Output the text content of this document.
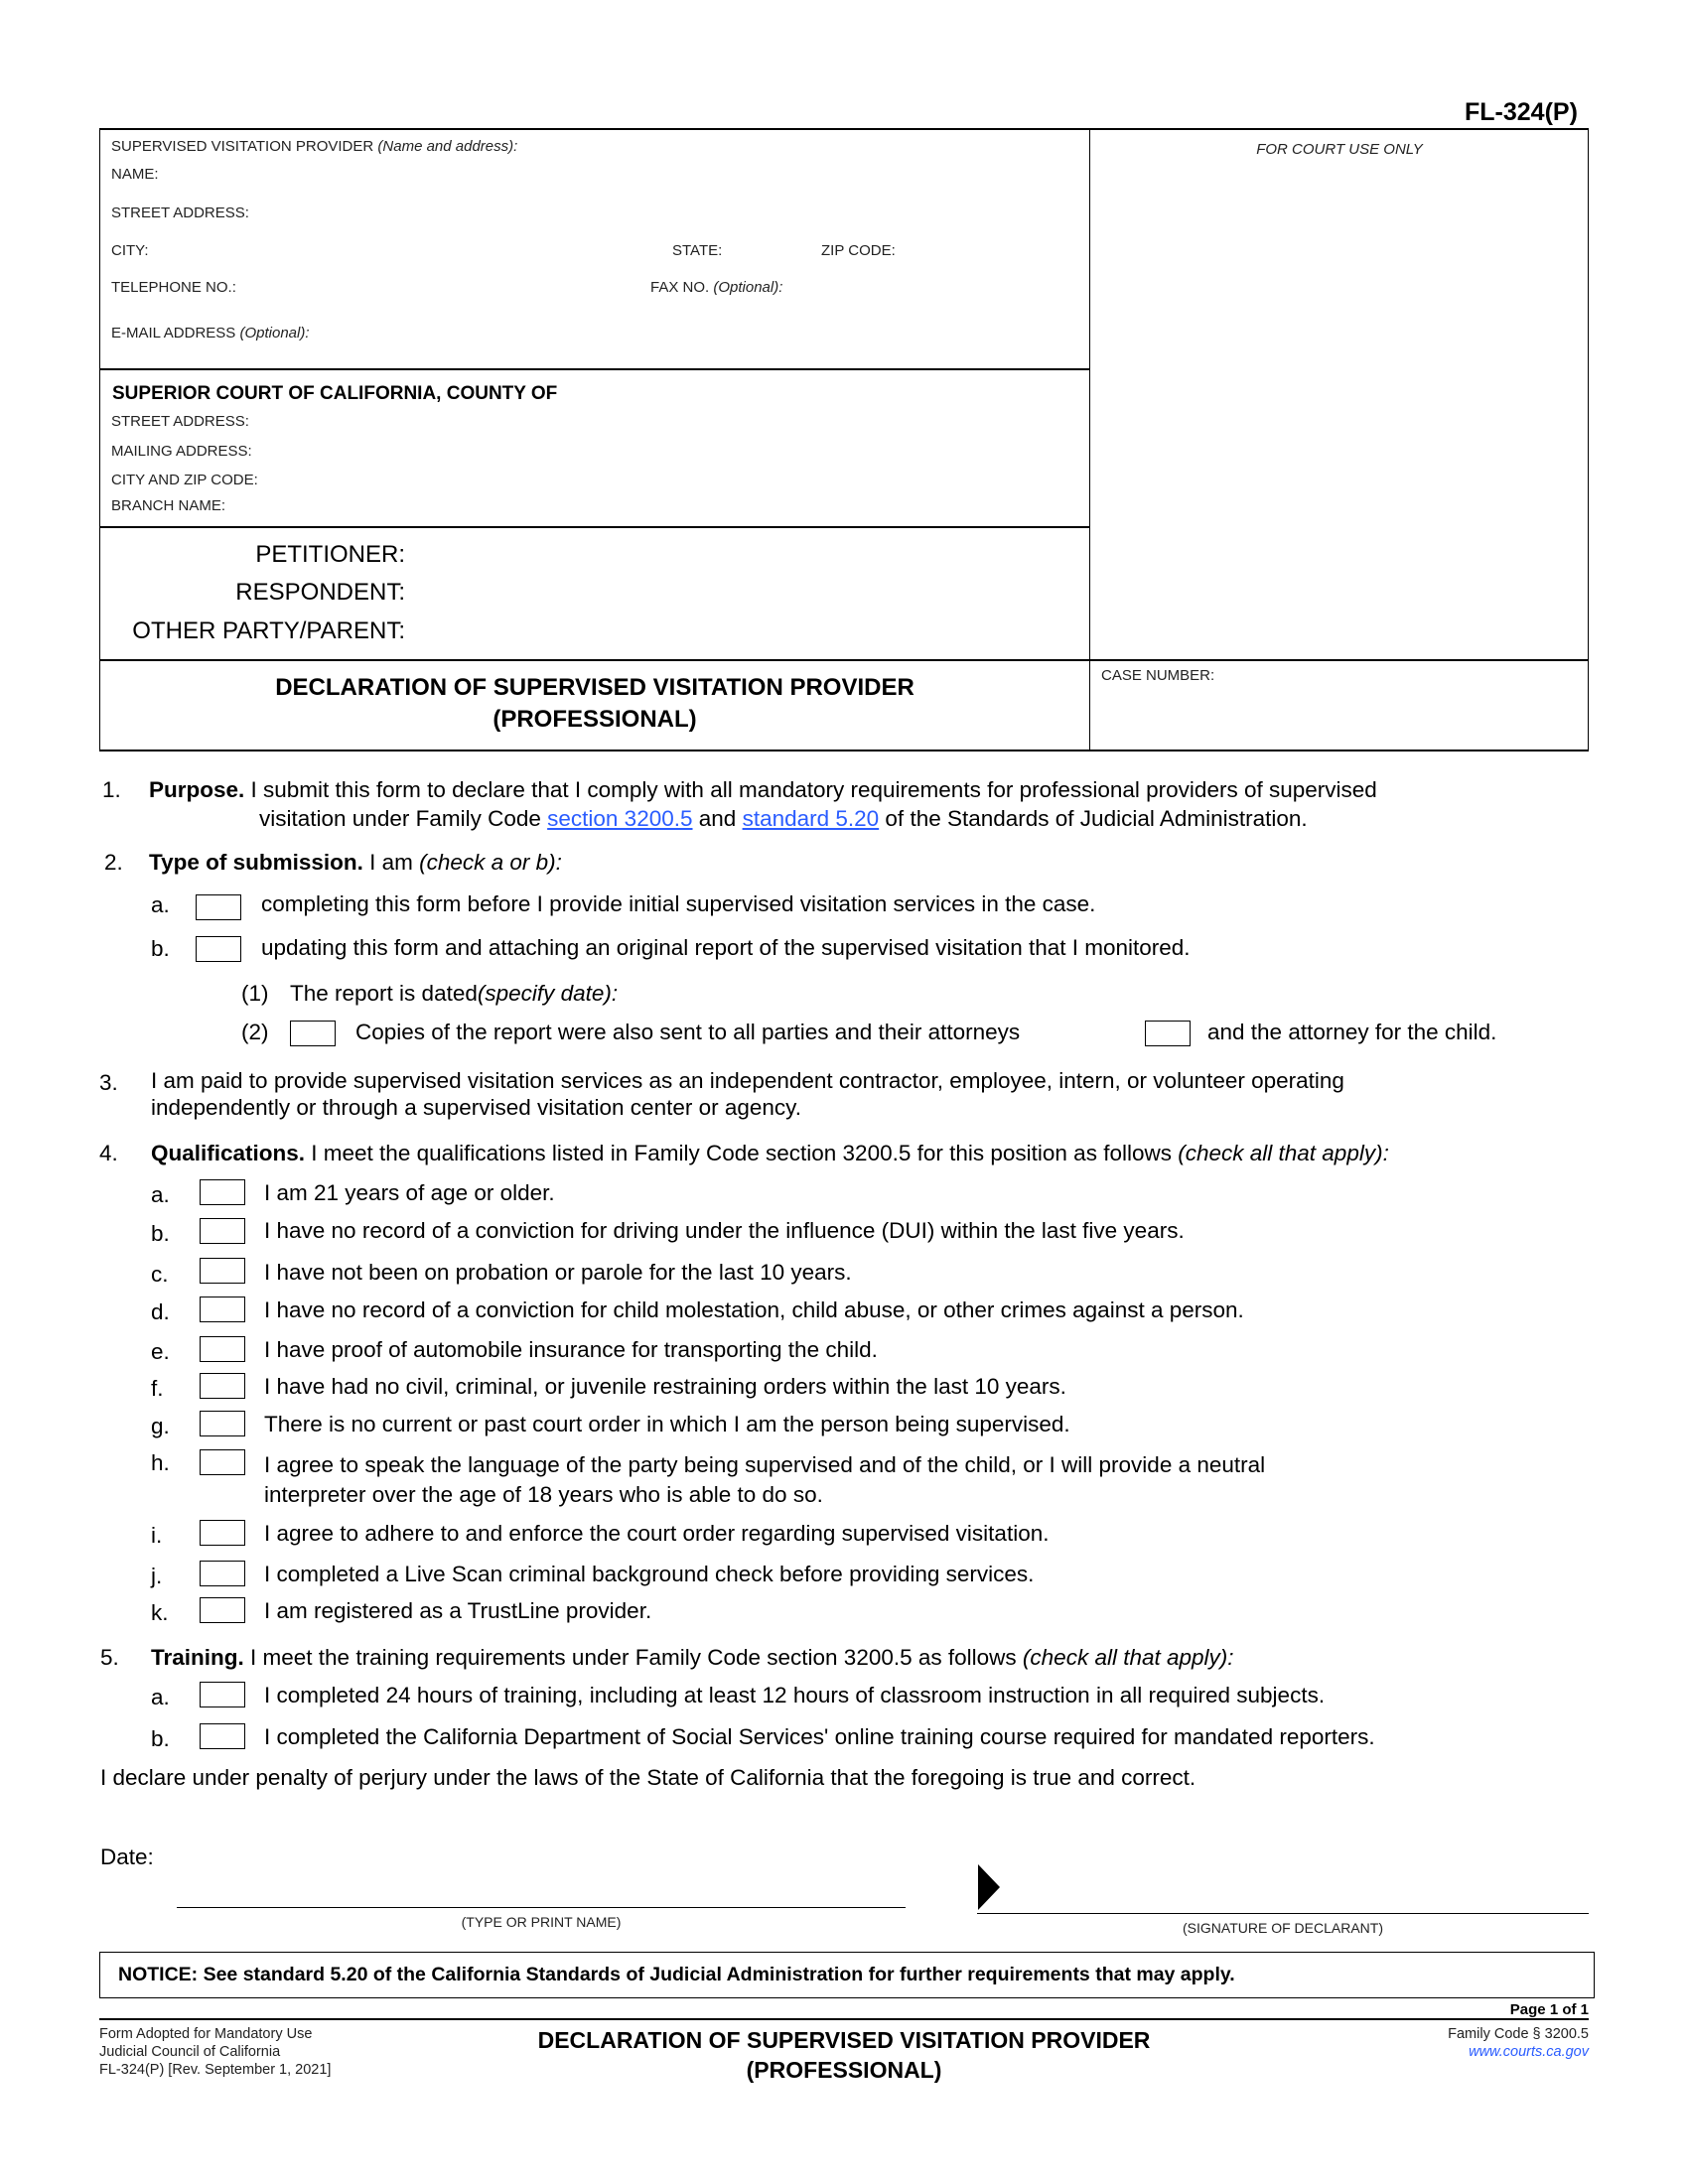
FL-324(P)
SUPERVISED VISITATION PROVIDER (Name and address):
NAME:
STREET ADDRESS:
CITY:	STATE:	ZIP CODE:
TELEPHONE NO.:	FAX NO. (Optional):
E-MAIL ADDRESS (Optional):
FOR COURT USE ONLY
SUPERIOR COURT OF CALIFORNIA, COUNTY OF
STREET ADDRESS:
MAILING ADDRESS:
CITY AND ZIP CODE:
BRANCH NAME:
PETITIONER:
RESPONDENT:
OTHER PARTY/PARENT:
DECLARATION OF SUPERVISED VISITATION PROVIDER
(PROFESSIONAL)
CASE NUMBER:
1. Purpose. I submit this form to declare that I comply with all mandatory requirements for professional providers of supervised
visitation under Family Code section 3200.5 and standard 5.20 of the Standards of Judicial Administration.
2. Type of submission. I am (check a or b):
a.	completing this form before I provide initial supervised visitation services in the case.
b.	updating this form and attaching an original report of the supervised visitation that I monitored.
(1) The report is dated(specify date):
(2)	Copies of the report were also sent to all parties and their attorneys	and the attorney for the child.
3. I am paid to provide supervised visitation services as an independent contractor, employee, intern, or volunteer operating
independently or through a supervised visitation center or agency.
4. Qualifications. I meet the qualifications listed in Family Code section 3200.5 for this position as follows (check all that apply):
a.	I am 21 years of age or older.
b.	I have no record of a conviction for driving under the influence (DUI) within the last five years.
c.	I have not been on probation or parole for the last 10 years.
d.	I have no record of a conviction for child molestation, child abuse, or other crimes against a person.
e.	I have proof of automobile insurance for transporting the child.
f.	I have had no civil, criminal, or juvenile restraining orders within the last 10 years.
g.	There is no current or past court order in which I am the person being supervised.
h.	I agree to speak the language of the party being supervised and of the child, or I will provide a neutral
interpreter over the age of 18 years who is able to do so.
i.	I agree to adhere to and enforce the court order regarding supervised visitation.
j.	I completed a Live Scan criminal background check before providing services.
k.	I am registered as a TrustLine provider.
5. Training. I meet the training requirements under Family Code section 3200.5 as follows (check all that apply):
a.	I completed 24 hours of training, including at least 12 hours of classroom instruction in all required subjects.
b.	I completed the California Department of Social Services' online training course required for mandated reporters.
I declare under penalty of perjury under the laws of the State of California that the foregoing is true and correct.
Date:
(TYPE OR PRINT NAME)	(SIGNATURE OF DECLARANT)
NOTICE: See standard 5.20 of the California Standards of Judicial Administration for further requirements that may apply.
Page 1 of 1
Form Adopted for Mandatory Use
Judicial Council of California
FL-324(P) [Rev. September 1, 2021]
DECLARATION OF SUPERVISED VISITATION PROVIDER
(PROFESSIONAL)
Family Code § 3200.5
www.courts.ca.gov
